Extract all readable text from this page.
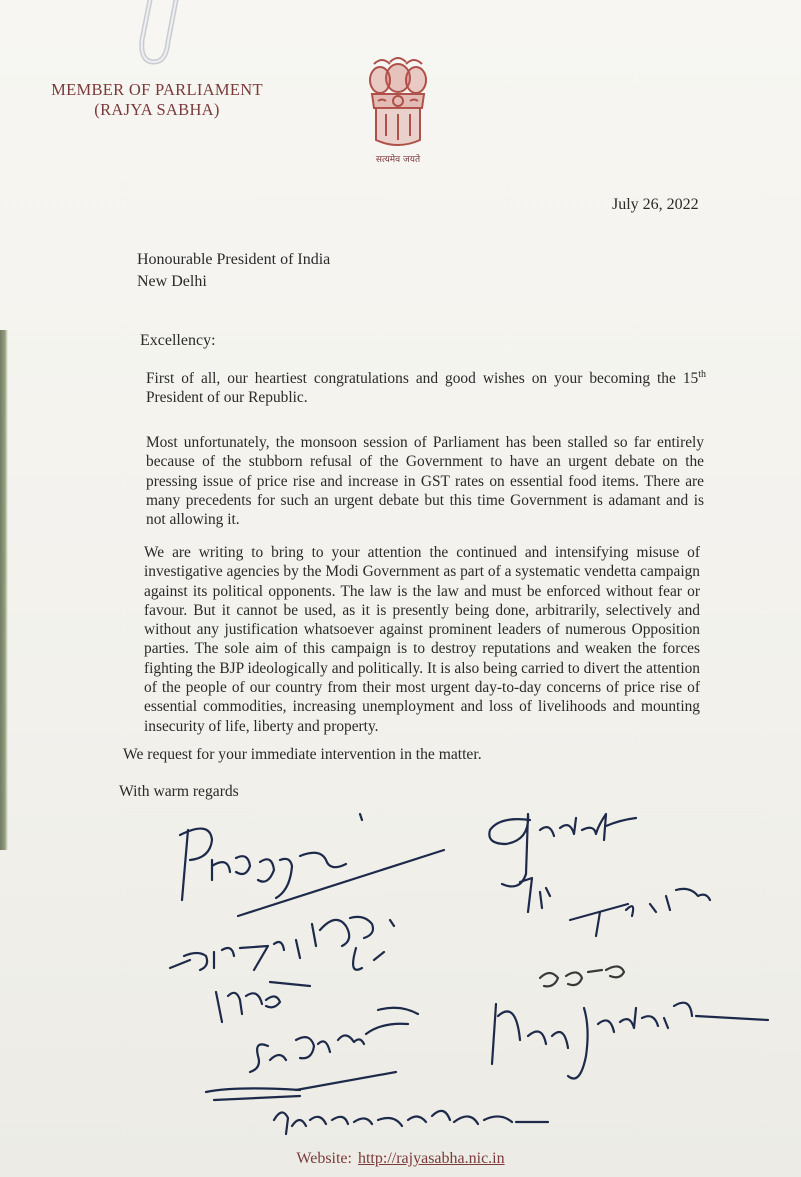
MEMBER OF PARLIAMENT
(RAJYA SABHA)
सत्यमेव जयते
July 26, 2022
Honourable President of India
New Delhi
Excellency:
First of all, our heartiest congratulations and good wishes on your becoming the 15th President of our Republic.
Most unfortunately, the monsoon session of Parliament has been stalled so far entirely because of the stubborn refusal of the Government to have an urgent debate on the pressing issue of price rise and increase in GST rates on essential food items. There are many precedents for such an urgent debate but this time Government is adamant and is not allowing it.
We are writing to bring to your attention the continued and intensifying misuse of investigative agencies by the Modi Government as part of a systematic vendetta campaign against its political opponents. The law is the law and must be enforced without fear or favour. But it cannot be used, as it is presently being done, arbitrarily, selectively and without any justification whatsoever against prominent leaders of numerous Opposition parties. The sole aim of this campaign is to destroy reputations and weaken the forces fighting the BJP ideologically and politically. It is also being carried to divert the attention of the people of our country from their most urgent day-to-day concerns of price rise of essential commodities, increasing unemployment and loss of livelihoods and mounting insecurity of life, liberty and property.
We request for your immediate intervention in the matter.
With warm regards
Website: http://rajyasabha.nic.in
